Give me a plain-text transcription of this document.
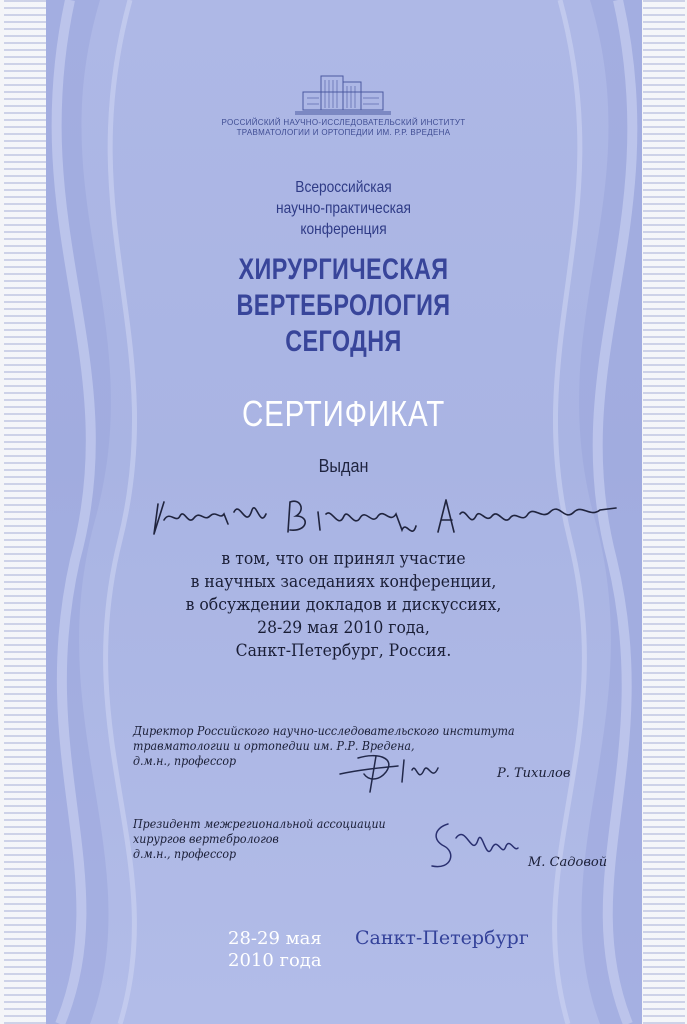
РОССИЙСКИЙ НАУЧНО-ИССЛЕДОВАТЕЛЬСКИЙ ИНСТИТУТ
ТРАВМАТОЛОГИИ И ОРТОПЕДИИ ИМ. Р.Р. ВРЕДЕНА
Всероссийская
научно-практическая
конференция
ХИРУРГИЧЕСКАЯ
ВЕРТЕБРОЛОГИЯ
СЕГОДНЯ
СЕРТИФИКАТ
Выдан
в том, что он принял участие
в научных заседаниях конференции,
в обсуждении докладов и дискуссиях,
28-29 мая 2010 года,
Санкт-Петербург, Россия.
Директор Российского научно-исследовательского института
травматологии и ортопедии им. Р.Р. Вредена,
д.м.н., профессор
Р. Тихилов
Президент межрегиональной ассоциации
хирургов вертебрологов
д.м.н., профессор
М. Садовой
28-29 мая
2010 года
Санкт-Петербург
